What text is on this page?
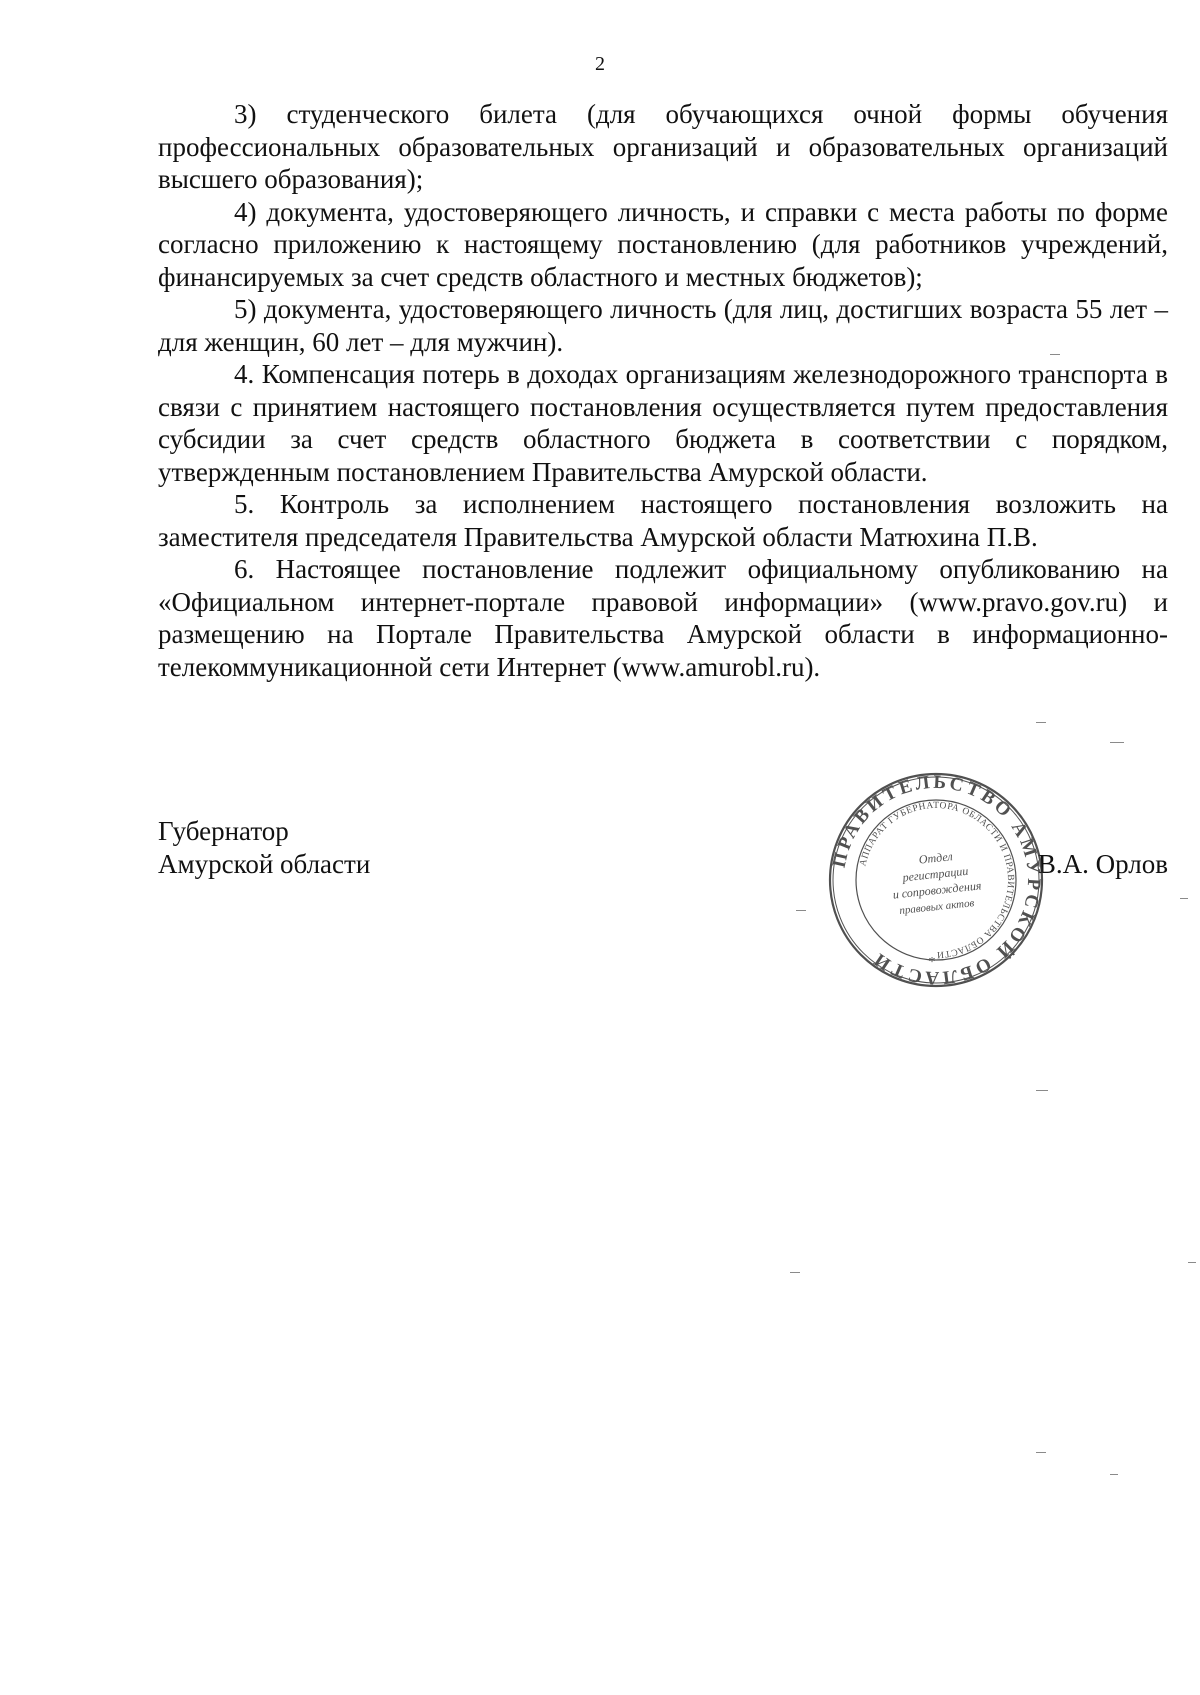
2

3) студенческого билета (для обучающихся очной формы обучения профессиональных образовательных организаций и образовательных организаций высшего образования);

4) документа, удостоверяющего личность, и справки с места работы по форме согласно приложению к настоящему постановлению (для работников учреждений, финансируемых за счет средств областного и местных бюджетов);

5) документа, удостоверяющего личность (для лиц, достигших возраста 55 лет – для женщин, 60 лет – для мужчин).

4. Компенсация потерь в доходах организациям железнодорожного транспорта в связи с принятием настоящего постановления осуществляется путем предоставления субсидии за счет средств областного бюджета в соответствии с порядком, утвержденным постановлением Правительства Амурской области.

5. Контроль за исполнением настоящего постановления возложить на заместителя председателя Правительства Амурской области Матюхина П.В.

6. Настоящее постановление подлежит официальному опубликованию на «Официальном интернет-портале правовой информации» (www.pravo.gov.ru) и размещению на Портале Правительства Амурской области в информационно-телекоммуникационной сети Интернет (www.amurobl.ru).

Губернатор
Амурской области	В.А. Орлов
ПРАВИТЕЛЬСТВО АМУРСКОЙ ОБЛАСТИ
АППАРАТ ГУБЕРНАТОРА ОБЛАСТИ И ПРАВИТЕЛЬСТВА ОБЛАСТИ
Отдел
регистрации
и сопровождения
правовых актов
*
